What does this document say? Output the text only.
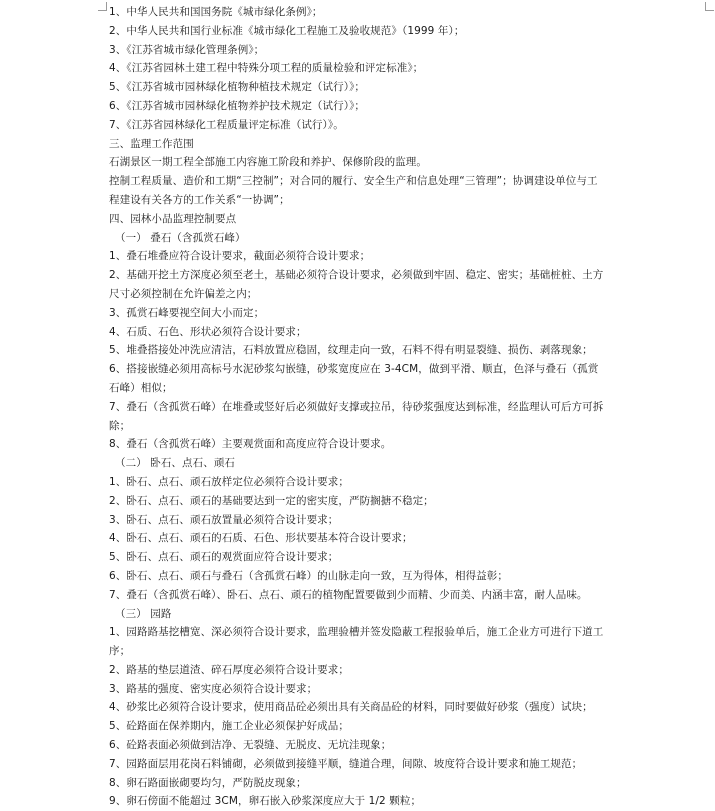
1、中华人民共和国国务院《城市绿化条例》；
2、中华人民共和国行业标准《城市绿化工程施工及验收规范》（1999 年）；
3、《江苏省城市绿化管理条例》；
4、《江苏省园林土建工程中特殊分项工程的质量检验和评定标准》；
5、《江苏省城市园林绿化植物种植技术规定（试行）》；
6、《江苏省城市园林绿化植物养护技术规定（试行）》；
7、《江苏省园林绿化工程质量评定标准（试行）》。
三、监理工作范围
石湖景区一期工程全部施工内容施工阶段和养护、保修阶段的监理。
控制工程质量、造价和工期“三控制”；对合同的履行、安全生产和信息处理“三管理”；协调建设单位与工
程建设有关各方的工作关系“一协调”；
四、园林小品监理控制要点
（一） 叠石（含孤赏石峰）
1、叠石堆叠应符合设计要求，截面必须符合设计要求；
2、基础开挖土方深度必须至老土，基础必须符合设计要求，必须做到牢固、稳定、密实；基础桩桩、土方
尺寸必须控制在允许偏差之内；
3、孤赏石峰要视空间大小而定；
4、石质、石色、形状必须符合设计要求；
5、堆叠搭接处冲洗应清洁，石料放置应稳固，纹理走向一致，石料不得有明显裂缝、损伤、剥落现象；
6、搭接嵌缝必须用高标号水泥砂浆勾嵌缝，砂浆宽度应在 3-4CM，做到平滑、顺直，色泽与叠石（孤赏
石峰）相似；
7、叠石（含孤赏石峰）在堆叠或竖好后必须做好支撑或拉吊，待砂浆强度达到标准，经监理认可后方可拆
除；
8、叠石（含孤赏石峰）主要观赏面和高度应符合设计要求。
（二） 卧石、点石、顽石
1、卧石、点石、顽石放样定位必须符合设计要求；
2、卧石、点石、顽石的基础要达到一定的密实度，严防搁搪不稳定；
3、卧石、点石、顽石放置量必须符合设计要求；
4、卧石、点石、顽石的石质、石色、形状要基本符合设计要求；
5、卧石、点石、顽石的观赏面应符合设计要求；
6、卧石、点石、顽石与叠石（含孤赏石峰）的山脉走向一致，互为得体，相得益彰；
7、叠石（含孤赏石峰）、卧石、点石、顽石的植物配置要做到少而精、少而美、内涵丰富，耐人品味。
（三） 园路
1、园路路基挖槽宽、深必须符合设计要求，监理验槽并签发隐蔽工程报验单后，施工企业方可进行下道工
序；
2、路基的垫层道渣、碎石厚度必须符合设计要求；
3、路基的强度、密实度必须符合设计要求；
4、砂浆比必须符合设计要求，使用商品砼必须出具有关商品砼的材料，同时要做好砂浆（强度）试块；
5、砼路面在保养期内，施工企业必须保护好成品；
6、砼路表面必须做到洁净、无裂缝、无脱皮、无坑洼现象；
7、园路面层用花岗石料铺砌，必须做到接缝平顺，缝道合理，间隙、坡度符合设计要求和施工规范；
8、卵石路面嵌砌要均匀，严防脱皮现象；
9、卵石傍面不能超过 3CM，卵石嵌入砂浆深度应大于 1/2 颗粒；
